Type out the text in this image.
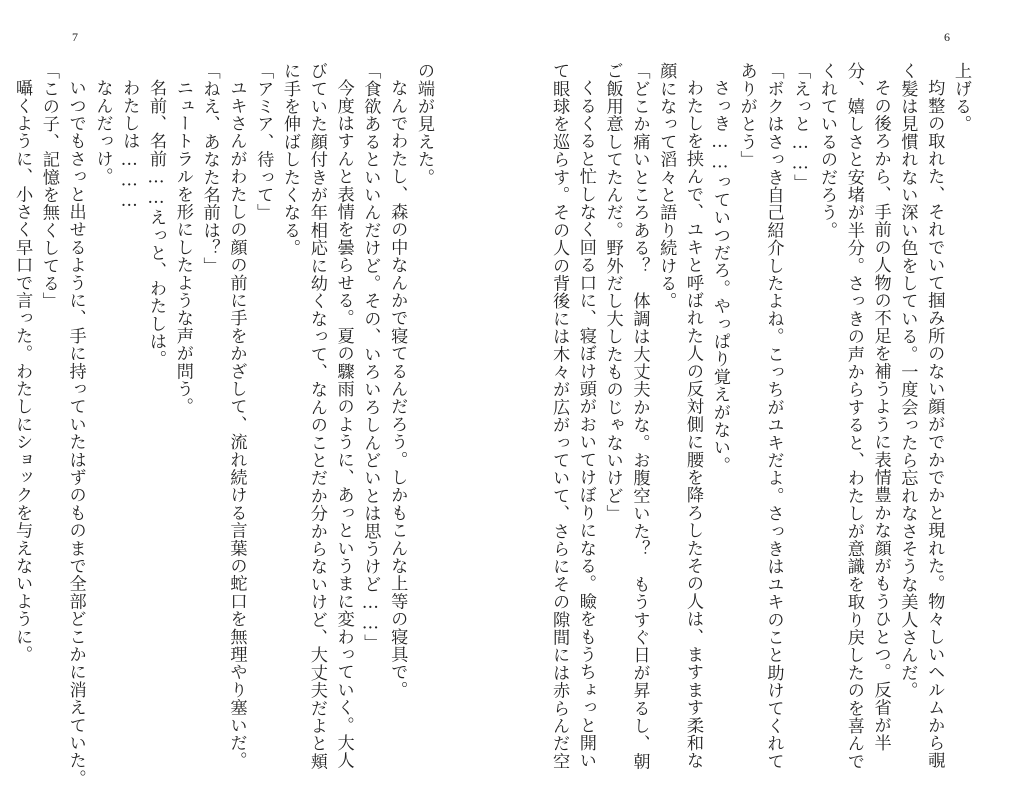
7
の端が見えた。
なんでわたし、森の中なんかで寝てるんだろう。しかもこんな上等の寝具で。
「食欲あるといいんだけど。その、いろいろしんどいとは思うけど……」
今度はすんと表情を曇らせる。夏の驟雨のように、あっというまに変わっていく。大人
びていた顔付きが年相応に幼くなって、なんのことだか分からないけど、大丈夫だよと頬
に手を伸ばしたくなる。
「アミア、待って」
ユキさんがわたしの顔の前に手をかざして、流れ続ける言葉の蛇口を無理やり塞いだ。
「ねえ、あなた名前は？」
ニュートラルを形にしたような声が問う。
名前、名前……えっと、わたしは。
わたしは………
なんだっけ。
いつでもさっと出せるように、手に持っていたはずのものまで全部どこかに消えていた。
「この子、記憶を無くしてる」
囁くように、小さく早口で言った。わたしにショックを与えないように。
6
上げる。
均整の取れた、それでいて掴み所のない顔がでかでかと現れた。物々しいヘルムから覗
く髪は見慣れない深い色をしている。一度会ったら忘れなさそうな美人さんだ。
その後ろから、手前の人物の不足を補うように表情豊かな顔がもうひとつ。反省が半
分、嬉しさと安堵が半分。さっきの声からすると、わたしが意識を取り戻したのを喜んで
くれているのだろう。
「えっと……」
「ボクはさっき自己紹介したよね。こっちがユキだよ。さっきはユキのこと助けてくれて
ありがとう」
さっき……っていつだろ。やっぱり覚えがない。
わたしを挟んで、ユキと呼ばれた人の反対側に腰を降ろしたその人は、ますます柔和な
顔になって滔々と語り続ける。
「どこか痛いところある？　体調は大丈夫かな。お腹空いた？　もうすぐ日が昇るし、朝
ご飯用意してたんだ。野外だし大したものじゃないけど」
くるくると忙しなく回る口に、寝ぼけ頭がおいてけぼりになる。瞼をもうちょっと開い
て眼球を巡らす。その人の背後には木々が広がっていて、さらにその隙間には赤らんだ空
